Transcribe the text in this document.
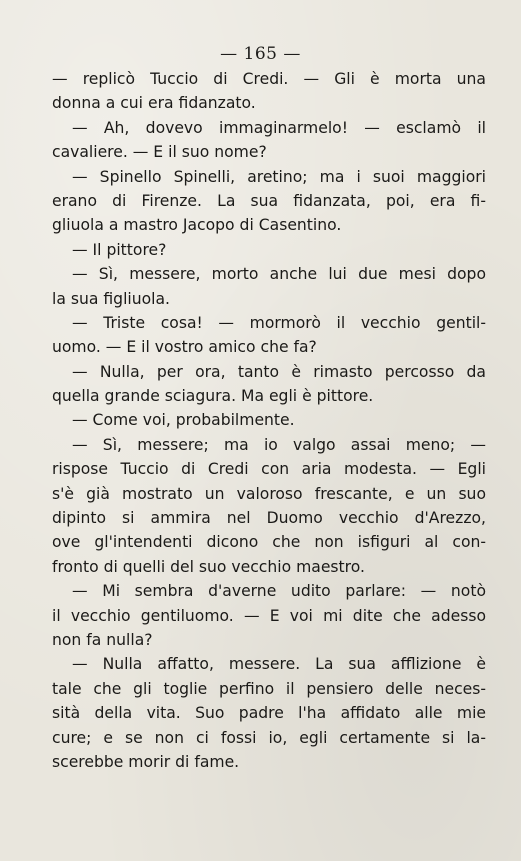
— 165 —
— replicò Tuccio di Credi. — Gli è morta una
donna a cui era fidanzato.
— Ah, dovevo immaginarmelo! — esclamò il
cavaliere. — E il suo nome?
— Spinello Spinelli, aretino; ma i suoi maggiori
erano di Firenze. La sua fidanzata, poi, era fi-
gliuola a mastro Jacopo di Casentino.
— Il pittore?
— Sì, messere, morto anche lui due mesi dopo
la sua figliuola.
— Triste cosa! — mormorò il vecchio gentil-
uomo. — E il vostro amico che fa?
— Nulla, per ora, tanto è rimasto percosso da
quella grande sciagura. Ma egli è pittore.
— Come voi, probabilmente.
— Sì, messere; ma io valgo assai meno; —
rispose Tuccio di Credi con aria modesta. — Egli
s'è già mostrato un valoroso frescante, e un suo
dipinto si ammira nel Duomo vecchio d'Arezzo,
ove gl'intendenti dicono che non isfiguri al con-
fronto di quelli del suo vecchio maestro.
— Mi sembra d'averne udito parlare: — notò
il vecchio gentiluomo. — E voi mi dite che adesso
non fa nulla?
— Nulla affatto, messere. La sua afflizione è
tale che gli toglie perfino il pensiero delle neces-
sità della vita. Suo padre l'ha affidato alle mie
cure; e se non ci fossi io, egli certamente si la-
scerebbe morir di fame.
